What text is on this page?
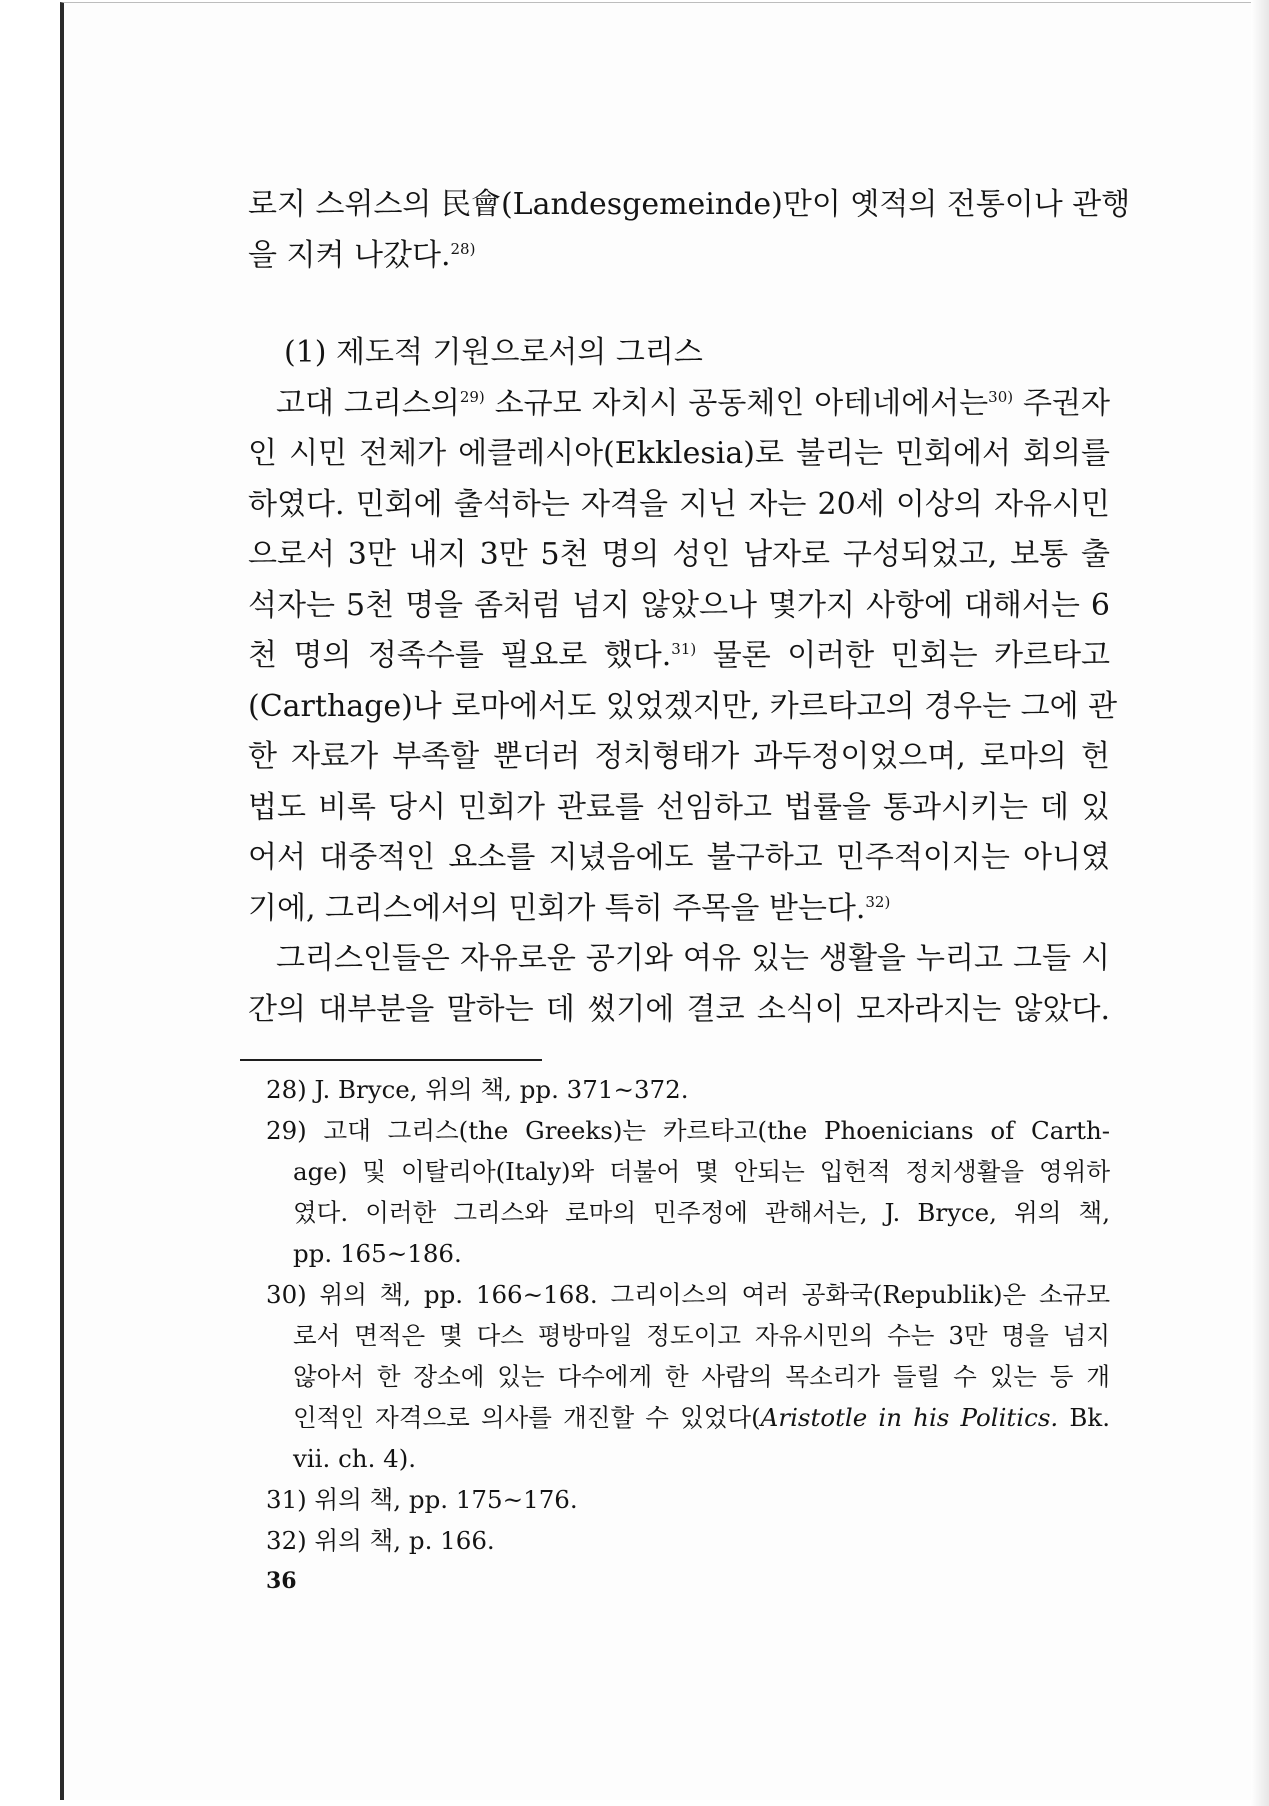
로지 스위스의 民會(Landesgemeinde)만이 옛적의 전통이나 관행
을 지켜 나갔다.$^{28)}$
(1) 제도적 기원으로서의 그리스
고대 그리스의$^{29)}$ 소규모 자치시 공동체인 아테네에서는$^{30)}$ 주권자
인 시민 전체가 에클레시아(Ekklesia)로 불리는 민회에서 회의를
하였다. 민회에 출석하는 자격을 지닌 자는 20세 이상의 자유시민
으로서 3만 내지 3만 5천 명의 성인 남자로 구성되었고, 보통 출
석자는 5천 명을 좀처럼 넘지 않았으나 몇가지 사항에 대해서는 6
천 명의 정족수를 필요로 했다.$^{31)}$ 물론 이러한 민회는 카르타고
(Carthage)나 로마에서도 있었겠지만, 카르타고의 경우는 그에 관
한 자료가 부족할 뿐더러 정치형태가 과두정이었으며, 로마의 헌
법도 비록 당시 민회가 관료를 선임하고 법률을 통과시키는 데 있
어서 대중적인 요소를 지녔음에도 불구하고 민주적이지는 아니였
기에, 그리스에서의 민회가 특히 주목을 받는다.$^{32)}$
그리스인들은 자유로운 공기와 여유 있는 생활을 누리고 그들 시
간의 대부분을 말하는 데 썼기에 결코 소식이 모자라지는 않았다.
28) J. Bryce, 위의 책, pp. 371~372.
29) 고대 그리스(the Greeks)는 카르타고(the Phoenicians of Carth-
age) 및 이탈리아(Italy)와 더불어 몇 안되는 입헌적 정치생활을 영위하
였다. 이러한 그리스와 로마의 민주정에 관해서는, J. Bryce, 위의 책,
pp. 165~186.
30) 위의 책, pp. 166~168. 그리이스의 여러 공화국(Republik)은 소규모
로서 면적은 몇 다스 평방마일 정도이고 자유시민의 수는 3만 명을 넘지
않아서 한 장소에 있는 다수에게 한 사람의 목소리가 들릴 수 있는 등 개
인적인 자격으로 의사를 개진할 수 있었다(Aristotle in his Politics. Bk.
vii. ch. 4).
31) 위의 책, pp. 175~176.
32) 위의 책, p. 166.
36
